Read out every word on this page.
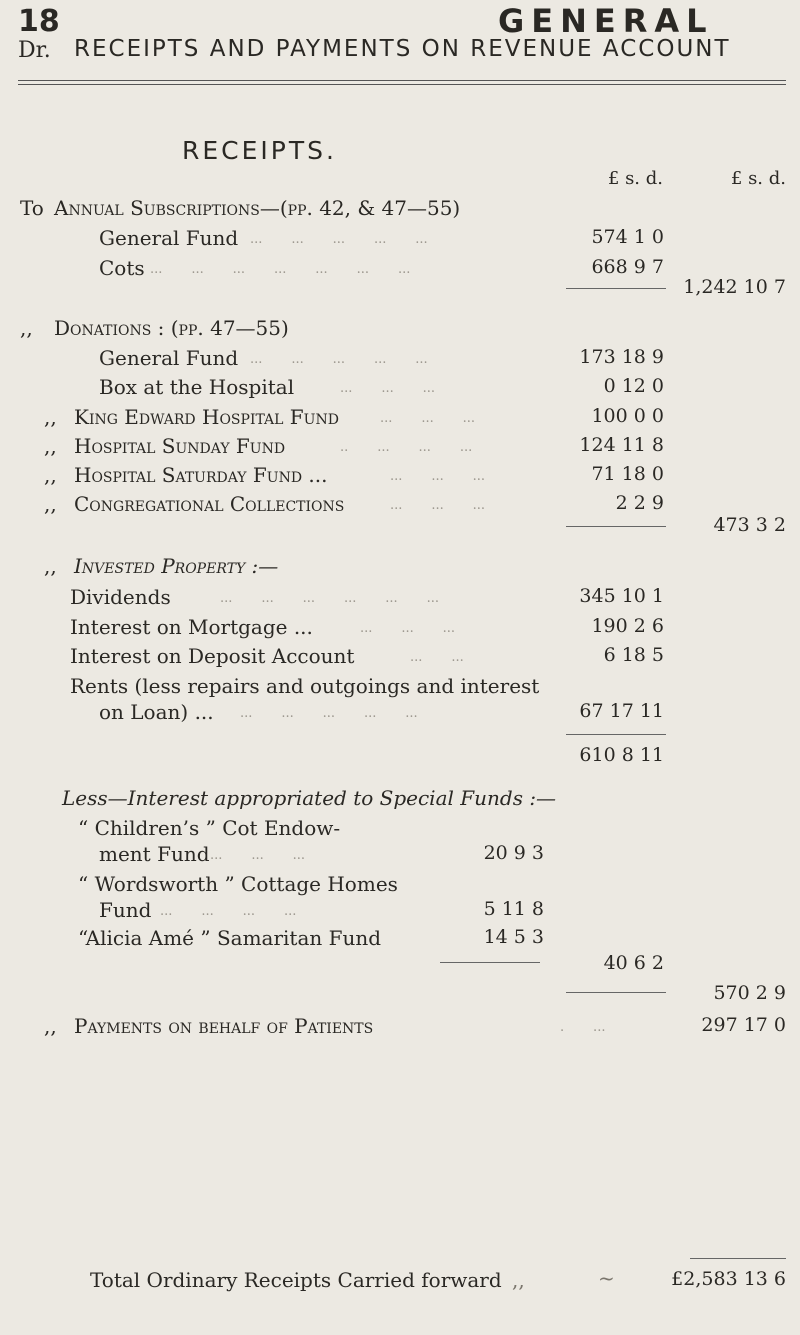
18	GENERAL
Dr. RECEIPTS AND PAYMENTS ON REVENUE ACCOUNT
RECEIPTS.
£ s. d.	£ s. d.
To Annual Subscriptions—(pp. 42, & 47—55)
General Fund ...       ...       ...       ...       ...	574 1 0
Cots ...       ...       ...       ...       ...       ...       ...	668 9 7
1,242 10 7
,, Donations : (pp. 47—55)
General Fund ...       ...       ...       ...       ...	173 18 9
Box at the Hospital	...       ...       ...	0 12 0
,, King Edward Hospital Fund	...       ...       ...	100 0 0
,, Hospital Sunday Fund	..       ...       ...       ...	124 11 8
,, Hospital Saturday Fund ...	...       ...       ...	71 18 0
,, Congregational Collections	...       ...       ...	2 2 9
473 3 2
,, Invested Property :—
Dividends	...       ...       ...       ...       ...       ...	345 10 1
Interest on Mortgage ...	...       ...       ...	190 2 6
Interest on Deposit Account	...       ...	6 18 5
Rents (less repairs and outgoings and interest
on Loan) ... ...       ...       ...       ...       ...	67 17 11
610 8 11
Less—Interest appropriated to Special Funds :—
“ Children’s ” Cot Endow-
ment Fund ...       ...       ...	20 9 3
“ Wordsworth ” Cottage Homes
Fund ...       ...       ...       ...	5 11 8
“Alicia Amé ” Samaritan Fund	14 5 3
40 6 2
570 2 9
,, Payments on behalf of Patients	.       ...	297 17 0
Total Ordinary Receipts Carried forward ,,	~	£2,583 13 6
